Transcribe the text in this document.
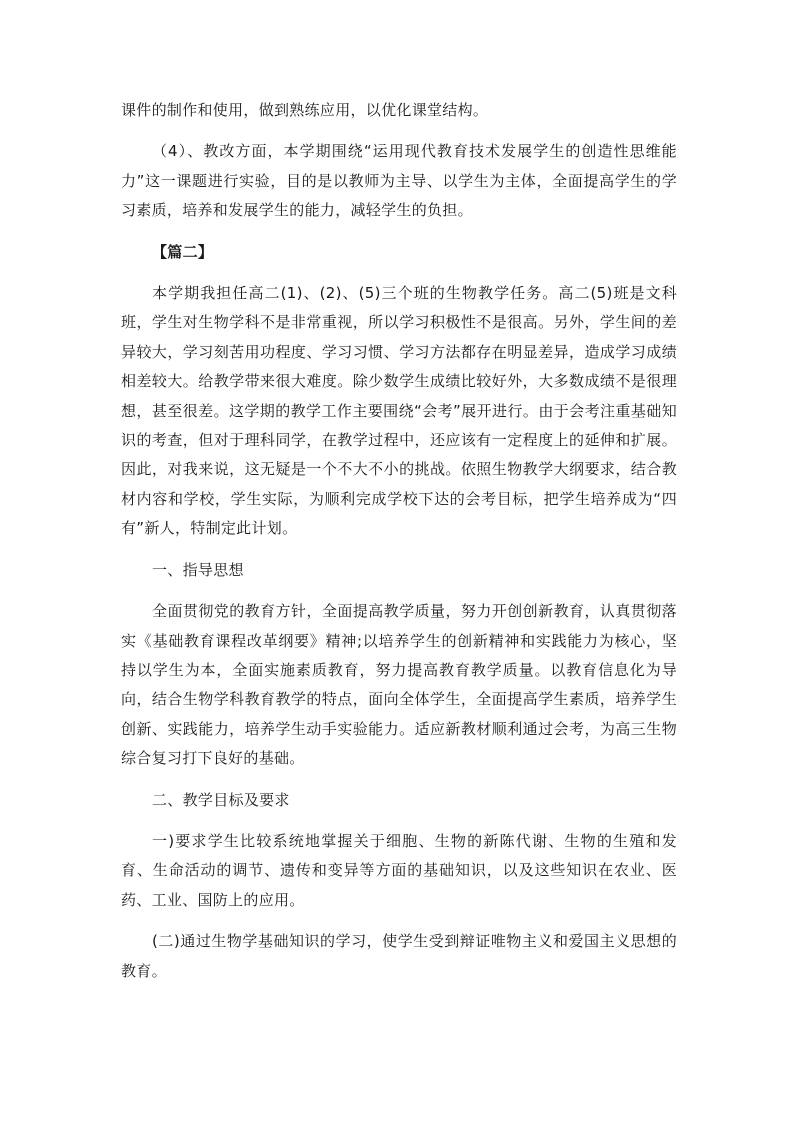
课件的制作和使用，做到熟练应用，以优化课堂结构。

（4）、教改方面，本学期围绕“运用现代教育技术发展学生的创造性思维能力”这一课题进行实验，目的是以教师为主导、以学生为主体，全面提高学生的学习素质，培养和发展学生的能力，减轻学生的负担。

【篇二】

本学期我担任高二(1)、(2)、(5)三个班的生物教学任务。高二(5)班是文科班，学生对生物学科不是非常重视，所以学习积极性不是很高。另外，学生间的差异较大，学习刻苦用功程度、学习习惯、学习方法都存在明显差异，造成学习成绩相差较大。给教学带来很大难度。除少数学生成绩比较好外，大多数成绩不是很理想，甚至很差。这学期的教学工作主要围绕“会考”展开进行。由于会考注重基础知识的考查，但对于理科同学，在教学过程中，还应该有一定程度上的延伸和扩展。因此，对我来说，这无疑是一个不大不小的挑战。依照生物教学大纲要求，结合教材内容和学校，学生实际，为顺利完成学校下达的会考目标，把学生培养成为“四有”新人，特制定此计划。

一、指导思想

全面贯彻党的教育方针，全面提高教学质量，努力开创创新教育，认真贯彻落实《基础教育课程改革纲要》精神;以培养学生的创新精神和实践能力为核心，坚持以学生为本，全面实施素质教育，努力提高教育教学质量。以教育信息化为导向，结合生物学科教育教学的特点，面向全体学生，全面提高学生素质，培养学生创新、实践能力，培养学生动手实验能力。适应新教材顺利通过会考，为高三生物综合复习打下良好的基础。

二、教学目标及要求

一)要求学生比较系统地掌握关于细胞、生物的新陈代谢、生物的生殖和发育、生命活动的调节、遗传和变异等方面的基础知识，以及这些知识在农业、医药、工业、国防上的应用。

(二)通过生物学基础知识的学习，使学生受到辩证唯物主义和爱国主义思想的教育。
